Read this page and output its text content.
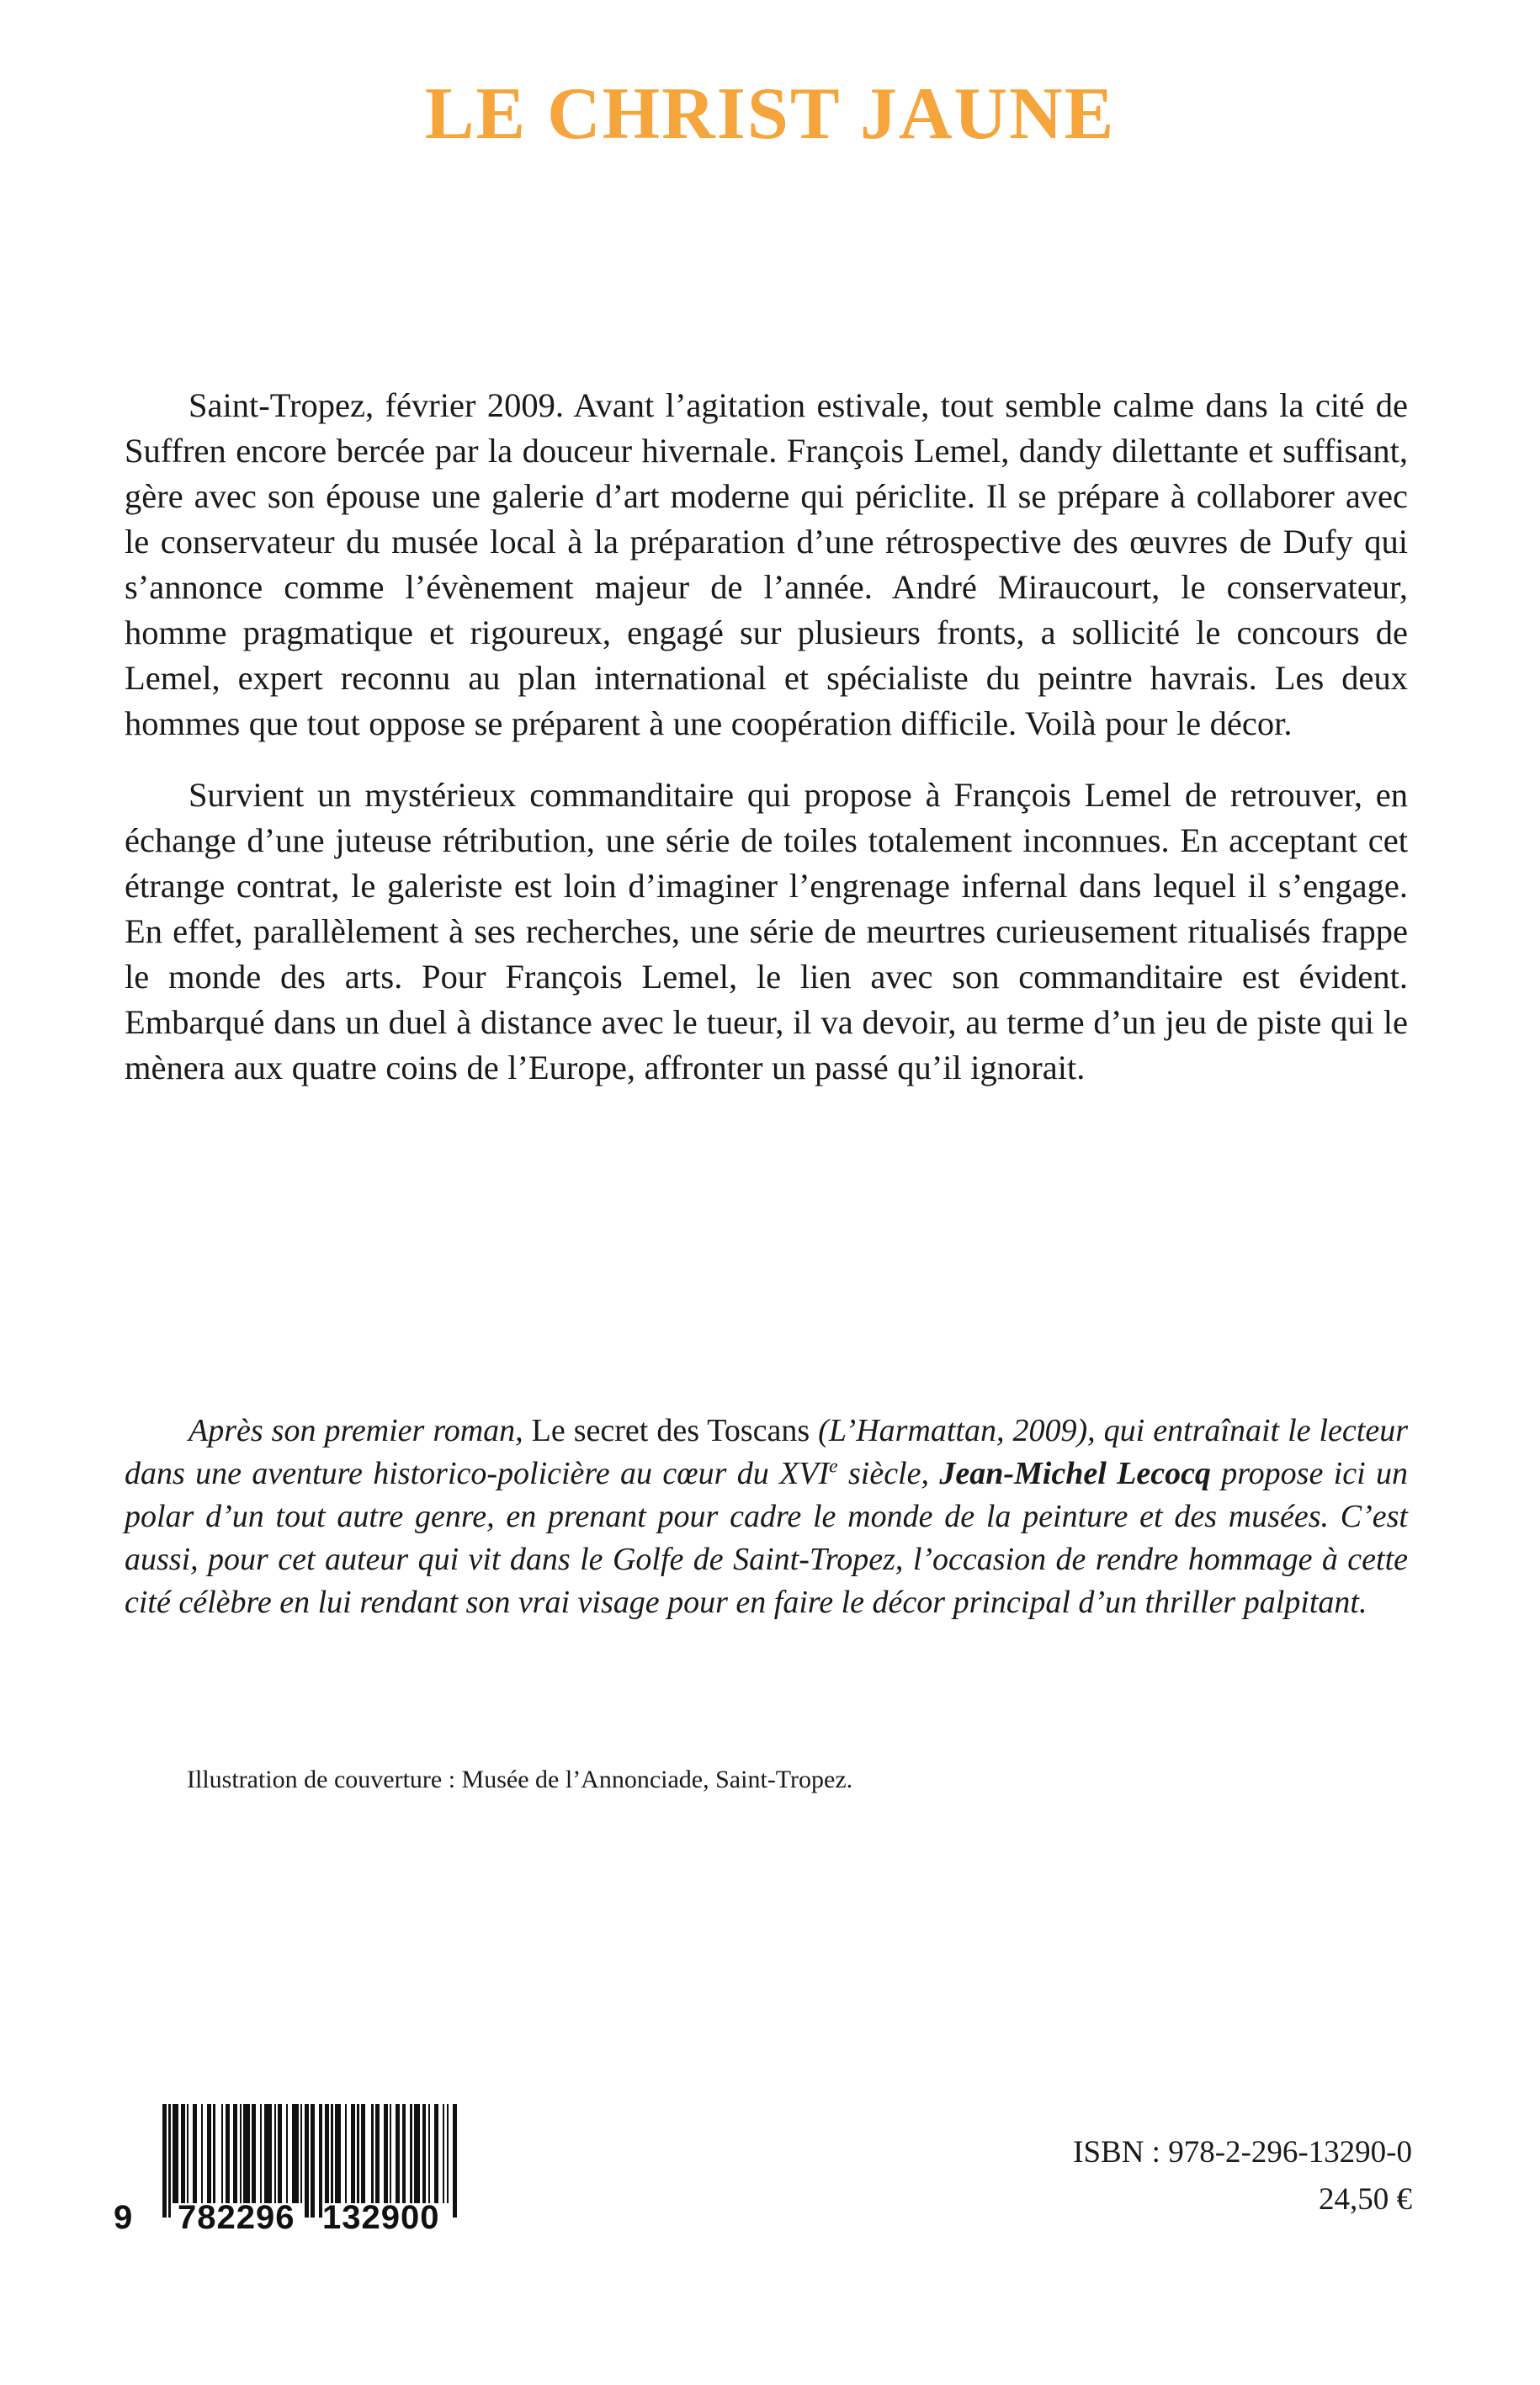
LE CHRIST JAUNE

Saint-Tropez, février 2009. Avant l’agitation estivale, tout semble calme dans la cité de Suffren encore bercée par la douceur hivernale. François Lemel, dandy dilettante et suffisant, gère avec son épouse une galerie d’art moderne qui périclite. Il se prépare à collaborer avec le conservateur du musée local à la préparation d’une rétrospective des œuvres de Dufy qui s’annonce comme l’évènement majeur de l’année. André Miraucourt, le conservateur, homme pragmatique et rigoureux, engagé sur plusieurs fronts, a sollicité le concours de Lemel, expert reconnu au plan international et spécialiste du peintre havrais. Les deux hommes que tout oppose se préparent à une coopération difficile. Voilà pour le décor.

Survient un mystérieux commanditaire qui propose à François Lemel de retrouver, en échange d’une juteuse rétribution, une série de toiles totalement inconnues. En acceptant cet étrange contrat, le galeriste est loin d’imaginer l’engrenage infernal dans lequel il s’engage. En effet, parallèlement à ses recherches, une série de meurtres curieusement ritualisés frappe le monde des arts. Pour François Lemel, le lien avec son commanditaire est évident. Embarqué dans un duel à distance avec le tueur, il va devoir, au terme d’un jeu de piste qui le mènera aux quatre coins de l’Europe, affronter un passé qu’il ignorait.

Après son premier roman, Le secret des Toscans (L’Harmattan, 2009), qui entraînait le lecteur dans une aventure historico-policière au cœur du XVIe siècle, Jean-Michel Lecocq propose ici un polar d’un tout autre genre, en prenant pour cadre le monde de la peinture et des musées. C’est aussi, pour cet auteur qui vit dans le Golfe de Saint-Tropez, l’occasion de rendre hommage à cette cité célèbre en lui rendant son vrai visage pour en faire le décor principal d’un thriller palpitant.

Illustration de couverture : Musée de l’Annonciade, Saint-Tropez.
9 782296 132900
ISBN : 978-2-296-13290-0
24,50 €
